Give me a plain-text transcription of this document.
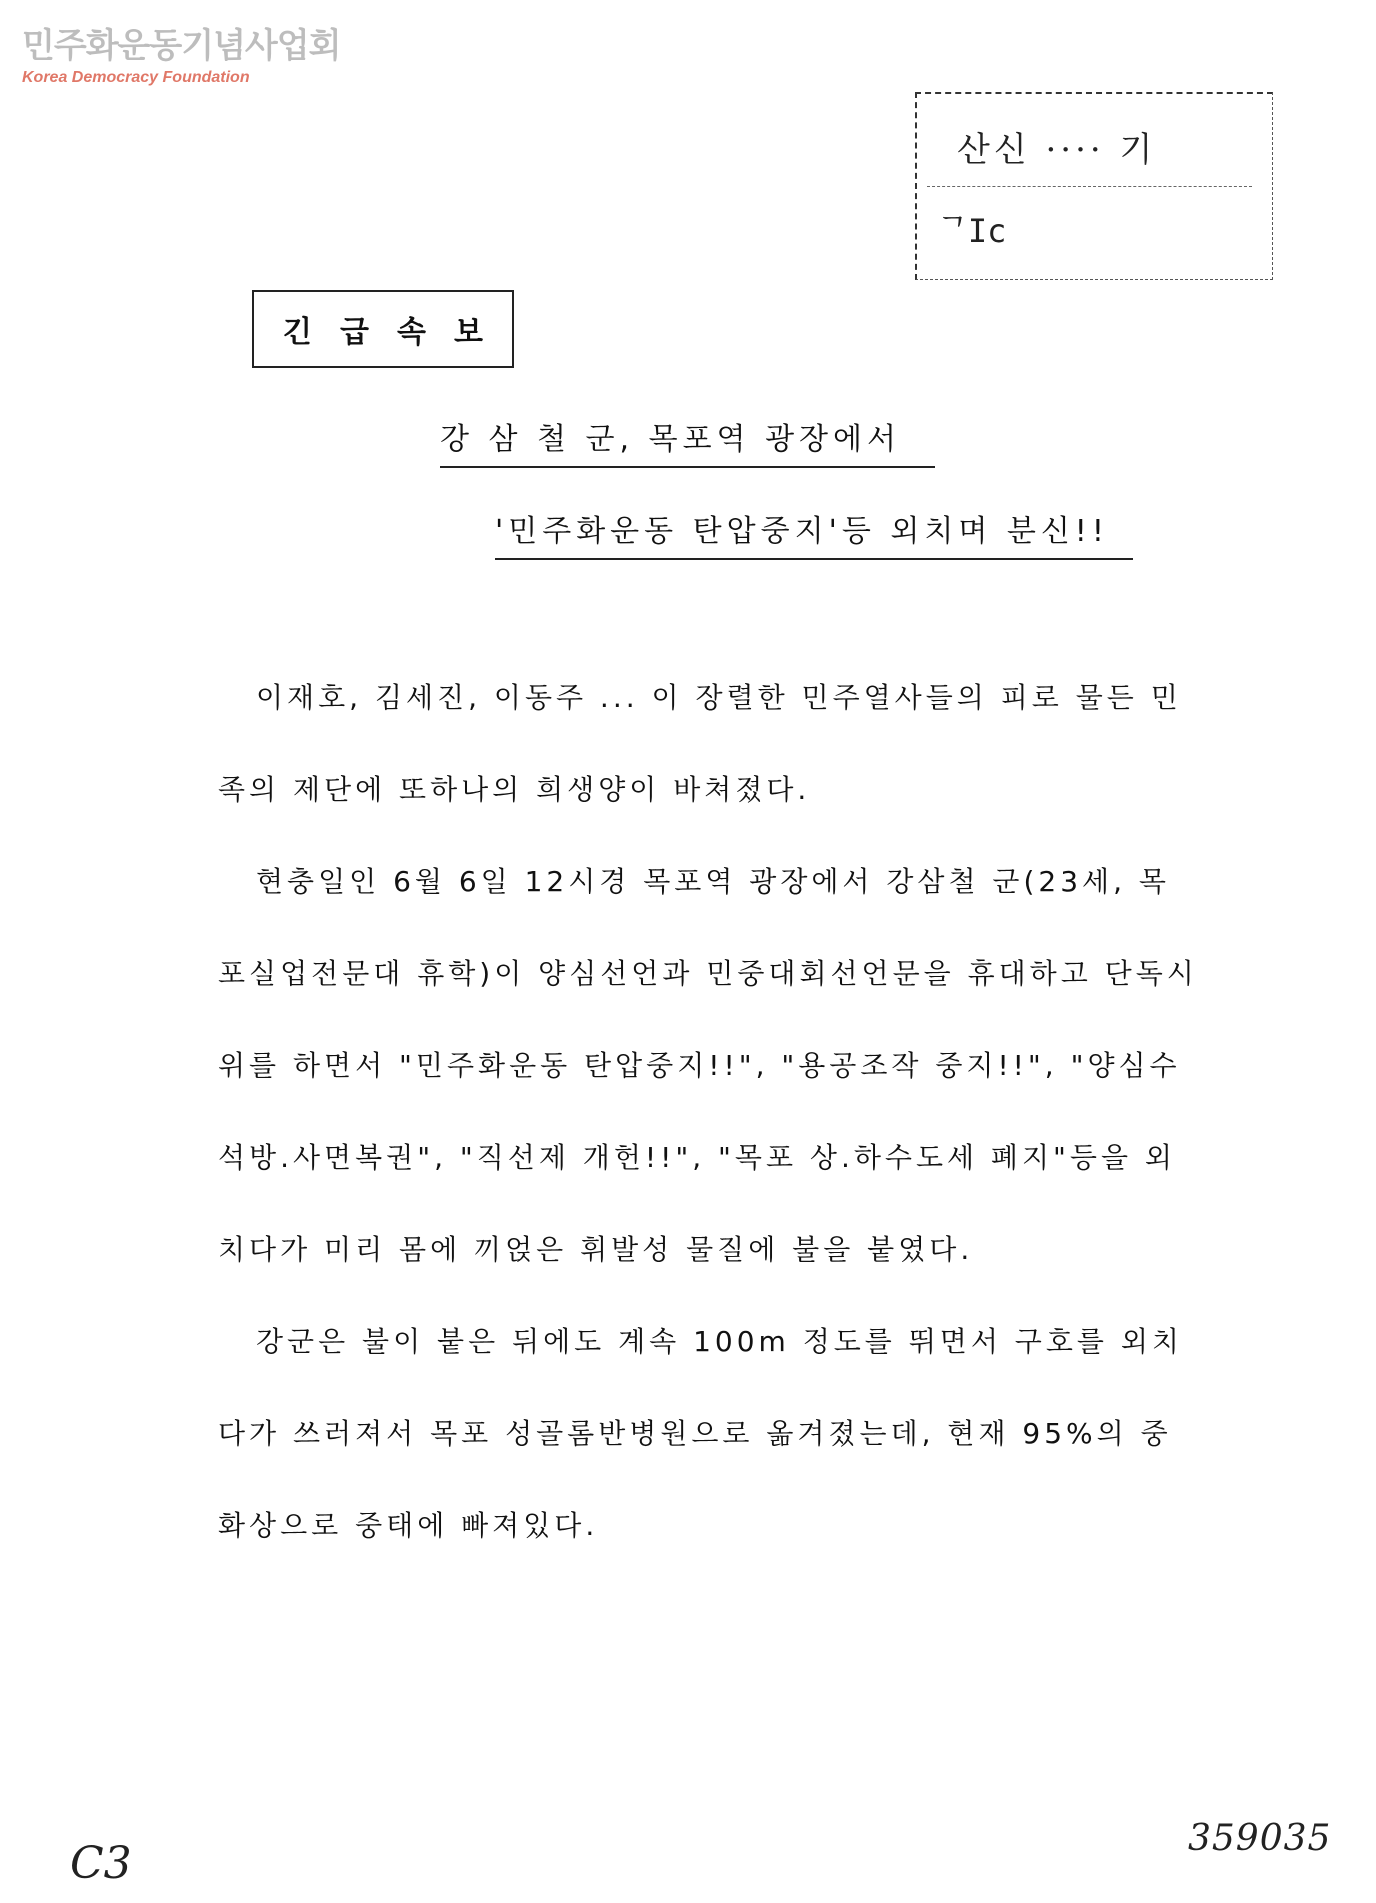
민주화운동기념사업회
Korea Democracy Foundation
산신 ···· 기
ᄀIc
긴급속보
강 삼 철 군, 목포역 광장에서
'민주화운동 탄압중지'등 외치며 분신!!

이재호, 김세진, 이동주 ... 이 장렬한 민주열사들의 피로 물든 민족의 제단에 또하나의 희생양이 바쳐졌다.

현충일인 6월 6일 12시경 목포역 광장에서 강삼철 군(23세, 목포실업전문대 휴학)이 양심선언과 민중대회선언문을 휴대하고 단독시위를 하면서 "민주화운동 탄압중지!!", "용공조작 중지!!", "양심수 석방.사면복권", "직선제 개헌!!", "목포 상.하수도세 폐지"등을 외치다가 미리 몸에 끼얹은 휘발성 물질에 불을 붙였다.

강군은 불이 붙은 뒤에도 계속 100m 정도를 뛰면서 구호를 외치다가 쓰러져서 목포 성골롬반병원으로 옮겨졌는데, 현재 95%의 중화상으로 중태에 빠져있다.

C3	359035
